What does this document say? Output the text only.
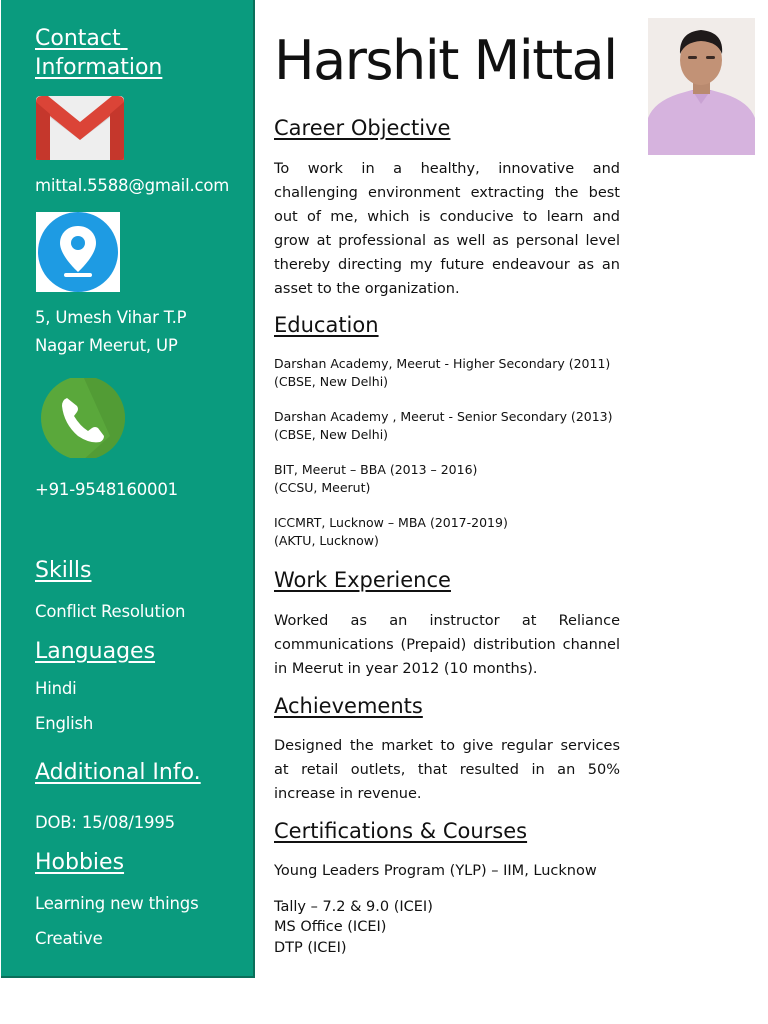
Contact
Information
mittal.5588@gmail.com
5, Umesh Vihar T.P
Nagar Meerut, UP
+91-9548160001
Skills
Conflict Resolution
Languages
Hindi
English
Additional Info.
DOB: 15/08/1995
Hobbies
Learning new things
Creative
Harshit Mittal
Career Objective

To work in a healthy, innovative and challenging environment extracting the best out of me, which is conducive to learn and grow at professional as well as personal level thereby directing my future endeavour as an asset to the organization.

Education

Darshan Academy, Meerut - Higher Secondary (2011)
(CBSE, New Delhi)

Darshan Academy , Meerut - Senior Secondary (2013)
(CBSE, New Delhi)

BIT, Meerut – BBA (2013 – 2016)
(CCSU, Meerut)

ICCMRT, Lucknow – MBA (2017-2019)
(AKTU, Lucknow)

Work Experience

Worked as an instructor at Reliance communications (Prepaid) distribution channel in Meerut in year 2012 (10 months).

Achievements

Designed the market to give regular services at retail outlets, that resulted in an 50% increase in revenue.

Certifications & Courses

Young Leaders Program (YLP) – IIM, Lucknow

Tally – 7.2 & 9.0 (ICEI)

MS Office (ICEI)

DTP (ICEI)
